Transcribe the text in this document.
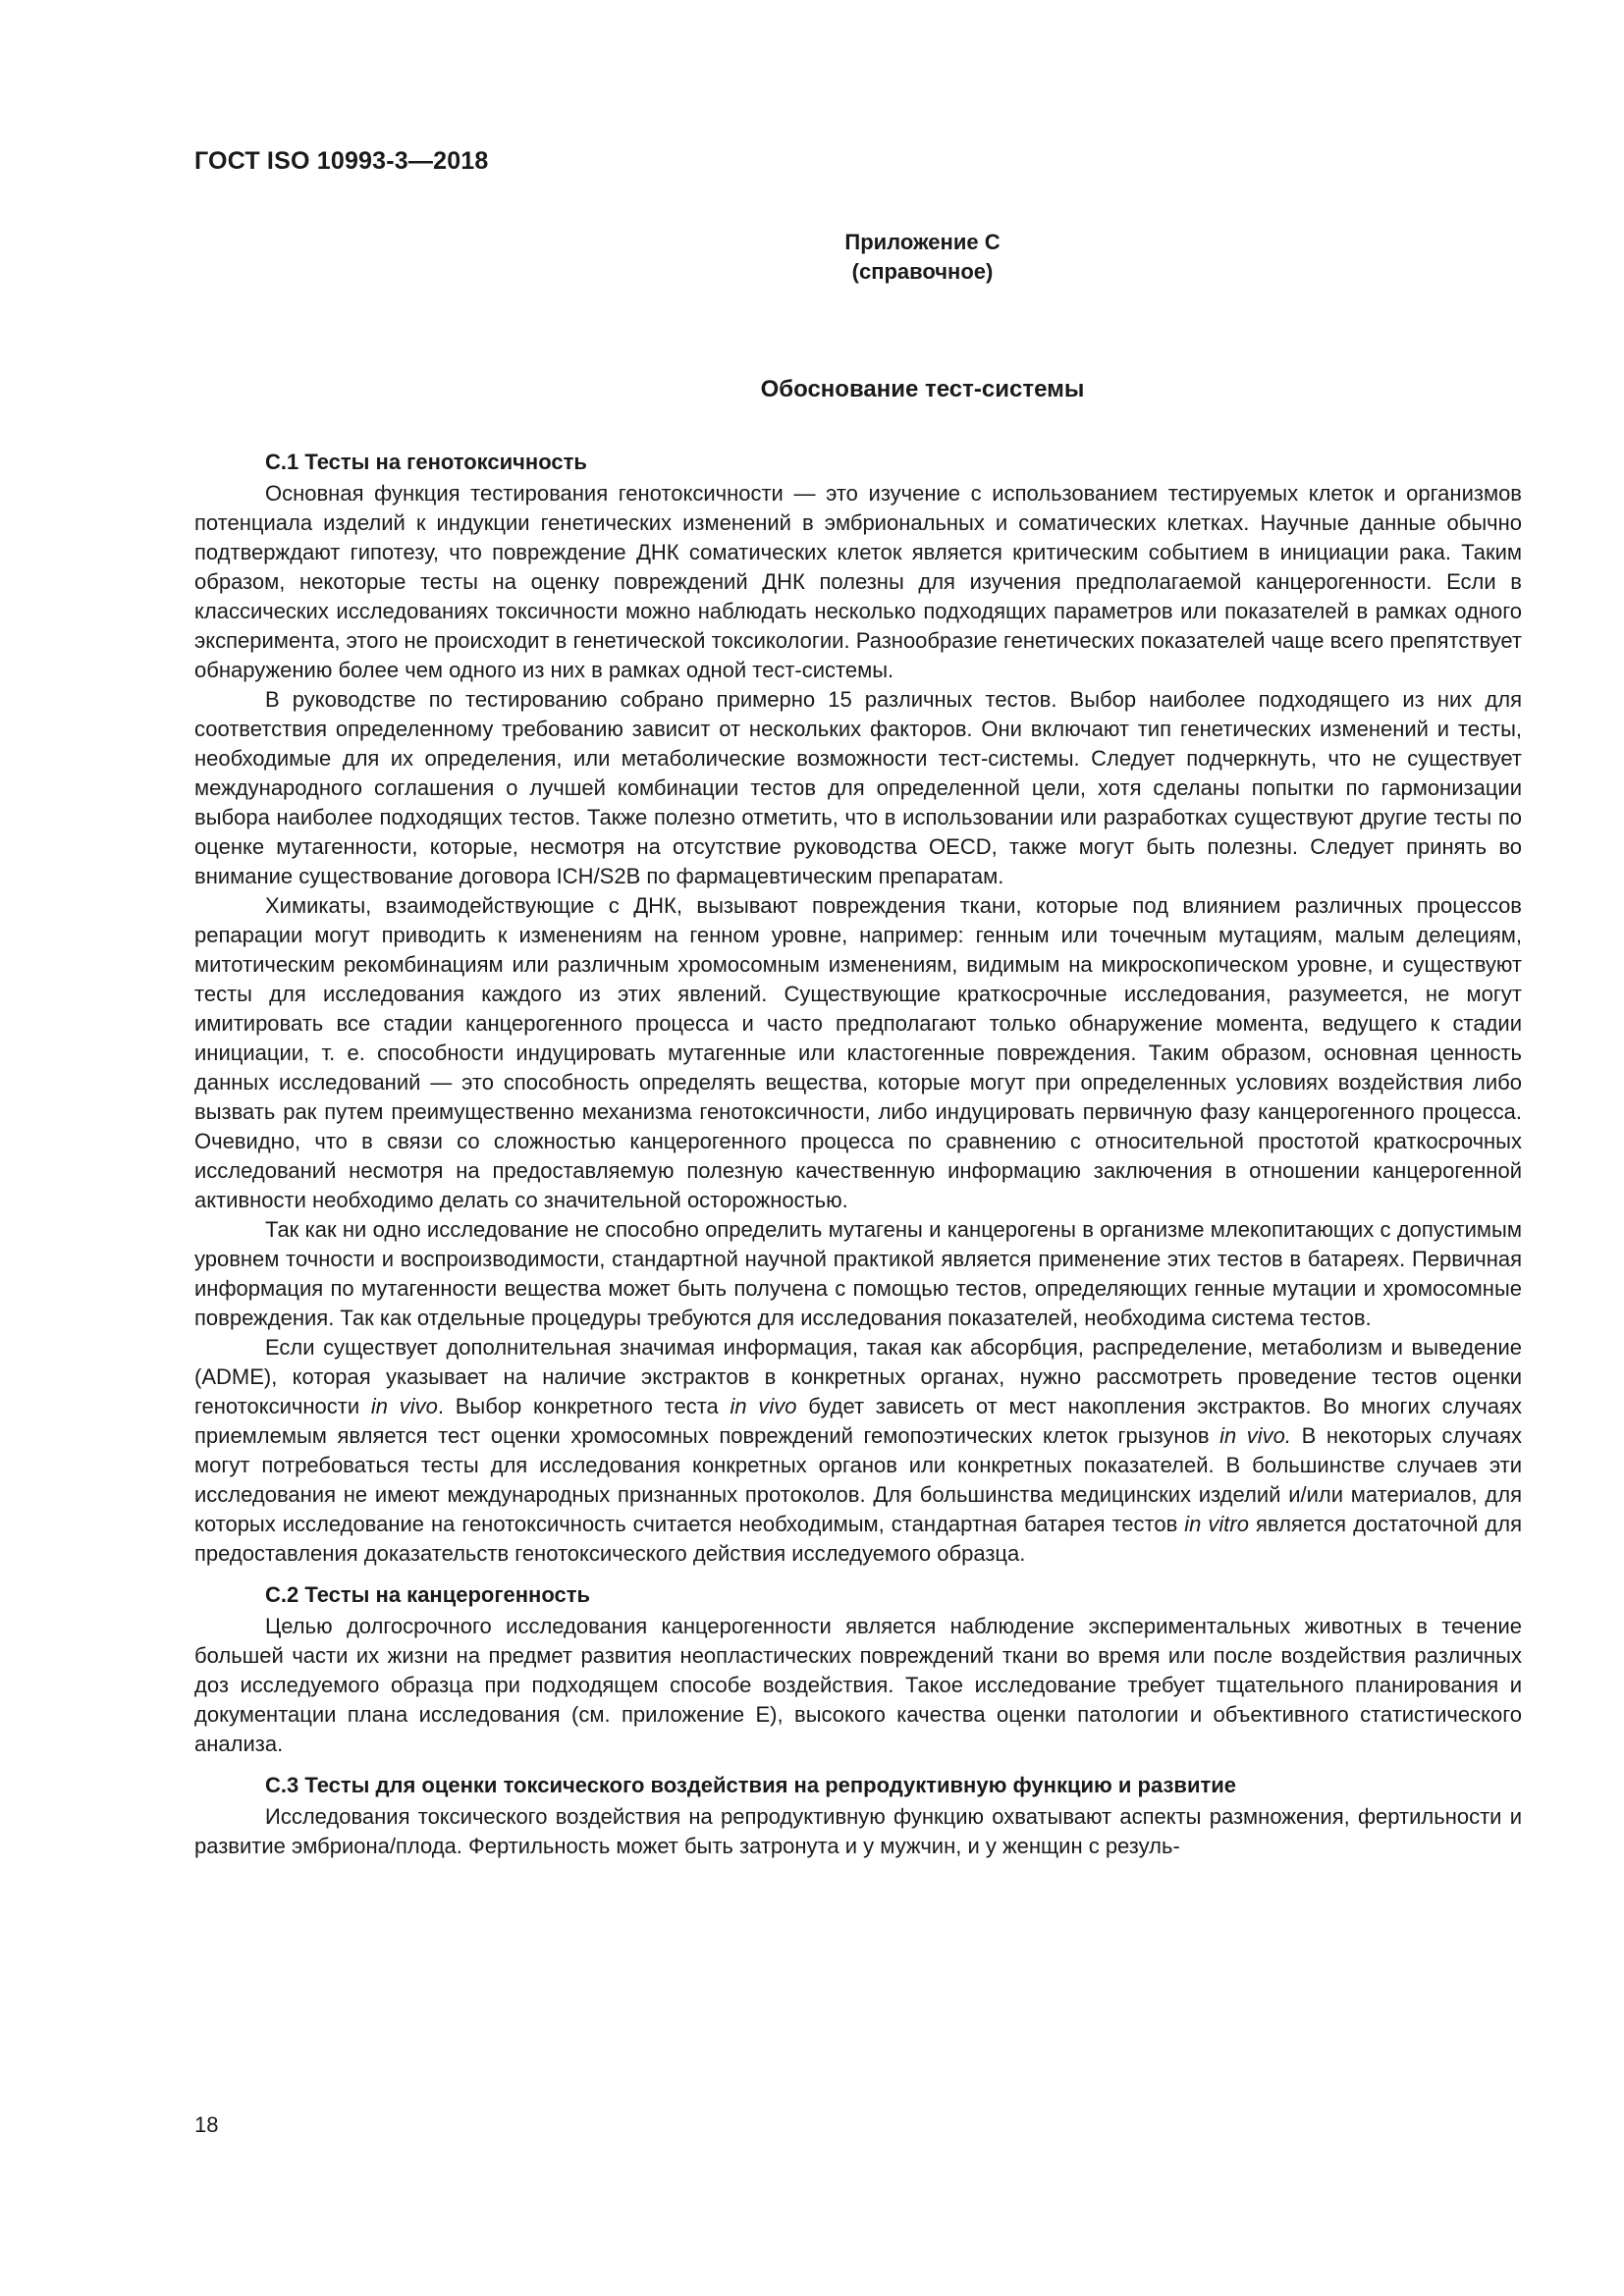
ГОСТ ISO 10993-3—2018
Приложение С
(справочное)
Обоснование тест-системы

С.1 Тесты на генотоксичность

Основная функция тестирования генотоксичности — это изучение с использованием тестируемых клеток и организмов потенциала изделий к индукции генетических изменений в эмбриональных и соматических клетках. Научные данные обычно подтверждают гипотезу, что повреждение ДНК соматических клеток является критическим событием в инициации рака. Таким образом, некоторые тесты на оценку повреждений ДНК полезны для изучения предполагаемой канцерогенности. Если в классических исследованиях токсичности можно наблюдать несколько подходящих параметров или показателей в рамках одного эксперимента, этого не происходит в генетической токсикологии. Разнообразие генетических показателей чаще всего препятствует обнаружению более чем одного из них в рамках одной тест-системы.

В руководстве по тестированию собрано примерно 15 различных тестов. Выбор наиболее подходящего из них для соответствия определенному требованию зависит от нескольких факторов. Они включают тип генетических изменений и тесты, необходимые для их определения, или метаболические возможности тест-системы. Следует подчеркнуть, что не существует международного соглашения о лучшей комбинации тестов для определенной цели, хотя сделаны попытки по гармонизации выбора наиболее подходящих тестов. Также полезно отметить, что в использовании или разработках существуют другие тесты по оценке мутагенности, которые, несмотря на отсутствие руководства OECD, также могут быть полезны. Следует принять во внимание существование договора ICH/S2B по фармацевтическим препаратам.

Химикаты, взаимодействующие с ДНК, вызывают повреждения ткани, которые под влиянием различных процессов репарации могут приводить к изменениям на генном уровне, например: генным или точечным мутациям, малым делециям, митотическим рекомбинациям или различным хромосомным изменениям, видимым на микроскопическом уровне, и существуют тесты для исследования каждого из этих явлений. Существующие краткосрочные исследования, разумеется, не могут имитировать все стадии канцерогенного процесса и часто предполагают только обнаружение момента, ведущего к стадии инициации, т. е. способности индуцировать мутагенные или кластогенные повреждения. Таким образом, основная ценность данных исследований — это способность определять вещества, которые могут при определенных условиях воздействия либо вызвать рак путем преимущественно механизма генотоксичности, либо индуцировать первичную фазу канцерогенного процесса. Очевидно, что в связи со сложностью канцерогенного процесса по сравнению с относительной простотой краткосрочных исследований несмотря на предоставляемую полезную качественную информацию заключения в отношении канцерогенной активности необходимо делать со значительной осторожностью.

Так как ни одно исследование не способно определить мутагены и канцерогены в организме млекопитающих с допустимым уровнем точности и воспроизводимости, стандартной научной практикой является применение этих тестов в батареях. Первичная информация по мутагенности вещества может быть получена с помощью тестов, определяющих генные мутации и хромосомные повреждения. Так как отдельные процедуры требуются для исследования показателей, необходима система тестов.

Если существует дополнительная значимая информация, такая как абсорбция, распределение, метаболизм и выведение (ADME), которая указывает на наличие экстрактов в конкретных органах, нужно рассмотреть проведение тестов оценки генотоксичности in vivo. Выбор конкретного теста in vivo будет зависеть от мест накопления экстрактов. Во многих случаях приемлемым является тест оценки хромосомных повреждений гемопоэтических клеток грызунов in vivo. В некоторых случаях могут потребоваться тесты для исследования конкретных органов или конкретных показателей. В большинстве случаев эти исследования не имеют международных признанных протоколов. Для большинства медицинских изделий и/или материалов, для которых исследование на генотоксичность считается необходимым, стандартная батарея тестов in vitro является достаточной для предоставления доказательств генотоксического действия исследуемого образца.

С.2 Тесты на канцерогенность

Целью долгосрочного исследования канцерогенности является наблюдение экспериментальных животных в течение большей части их жизни на предмет развития неопластических повреждений ткани во время или после воздействия различных доз исследуемого образца при подходящем способе воздействия. Такое исследование требует тщательного планирования и документации плана исследования (см. приложение Е), высокого качества оценки патологии и объективного статистического анализа.

С.3 Тесты для оценки токсического воздействия на репродуктивную функцию и развитие

Исследования токсического воздействия на репродуктивную функцию охватывают аспекты размножения, фертильности и развитие эмбриона/плода. Фертильность может быть затронута и у мужчин, и у женщин с резуль-

18
